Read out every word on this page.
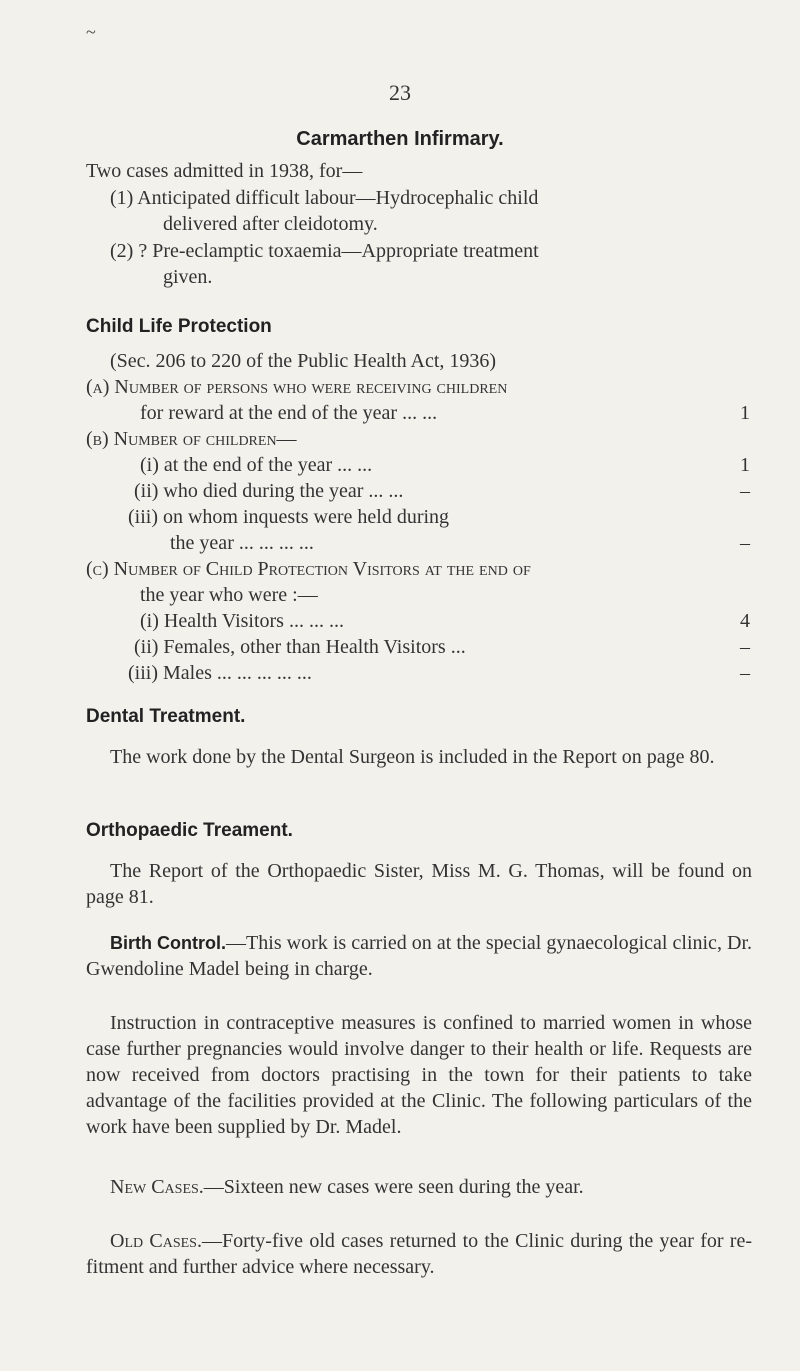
~
23
Carmarthen Infirmary.
Two cases admitted in 1938, for—
(1) Anticipated difficult labour—Hydrocephalic child
delivered after cleidotomy.
(2) ? Pre-eclamptic toxaemia—Appropriate treatment
given.
Child Life Protection
(Sec. 206 to 220 of the Public Health Act, 1936)
(a) Number of persons who were receiving children
for reward at the end of the year ... ...	1
(b) Number of children—
(i) at the end of the year ... ...	1
(ii) who died during the year ... ...	–
(iii) on whom inquests were held during
the year ... ... ... ...	–
(c) Number of Child Protection Visitors at the end of
the year who were :—
(i) Health Visitors ... ... ...	4
(ii) Females, other than Health Visitors ...	–
(iii) Males ... ... ... ... ...	–
Dental Treatment.
The work done by the Dental Surgeon is included in the Report on page 80.
Orthopaedic Treament.
The Report of the Orthopaedic Sister, Miss M. G. Thomas, will be found on page 81.
Birth Control.—This work is carried on at the special gynaecological clinic, Dr. Gwendoline Madel being in charge.
Instruction in contraceptive measures is confined to married women in whose case further pregnancies would involve danger to their health or life. Requests are now received from doctors practising in the town for their patients to take advantage of the facilities provided at the Clinic. The following particulars of the work have been supplied by Dr. Madel.
New Cases.—Sixteen new cases were seen during the year.
Old Cases.—Forty-five old cases returned to the Clinic during the year for re-fitment and further advice where necessary.
